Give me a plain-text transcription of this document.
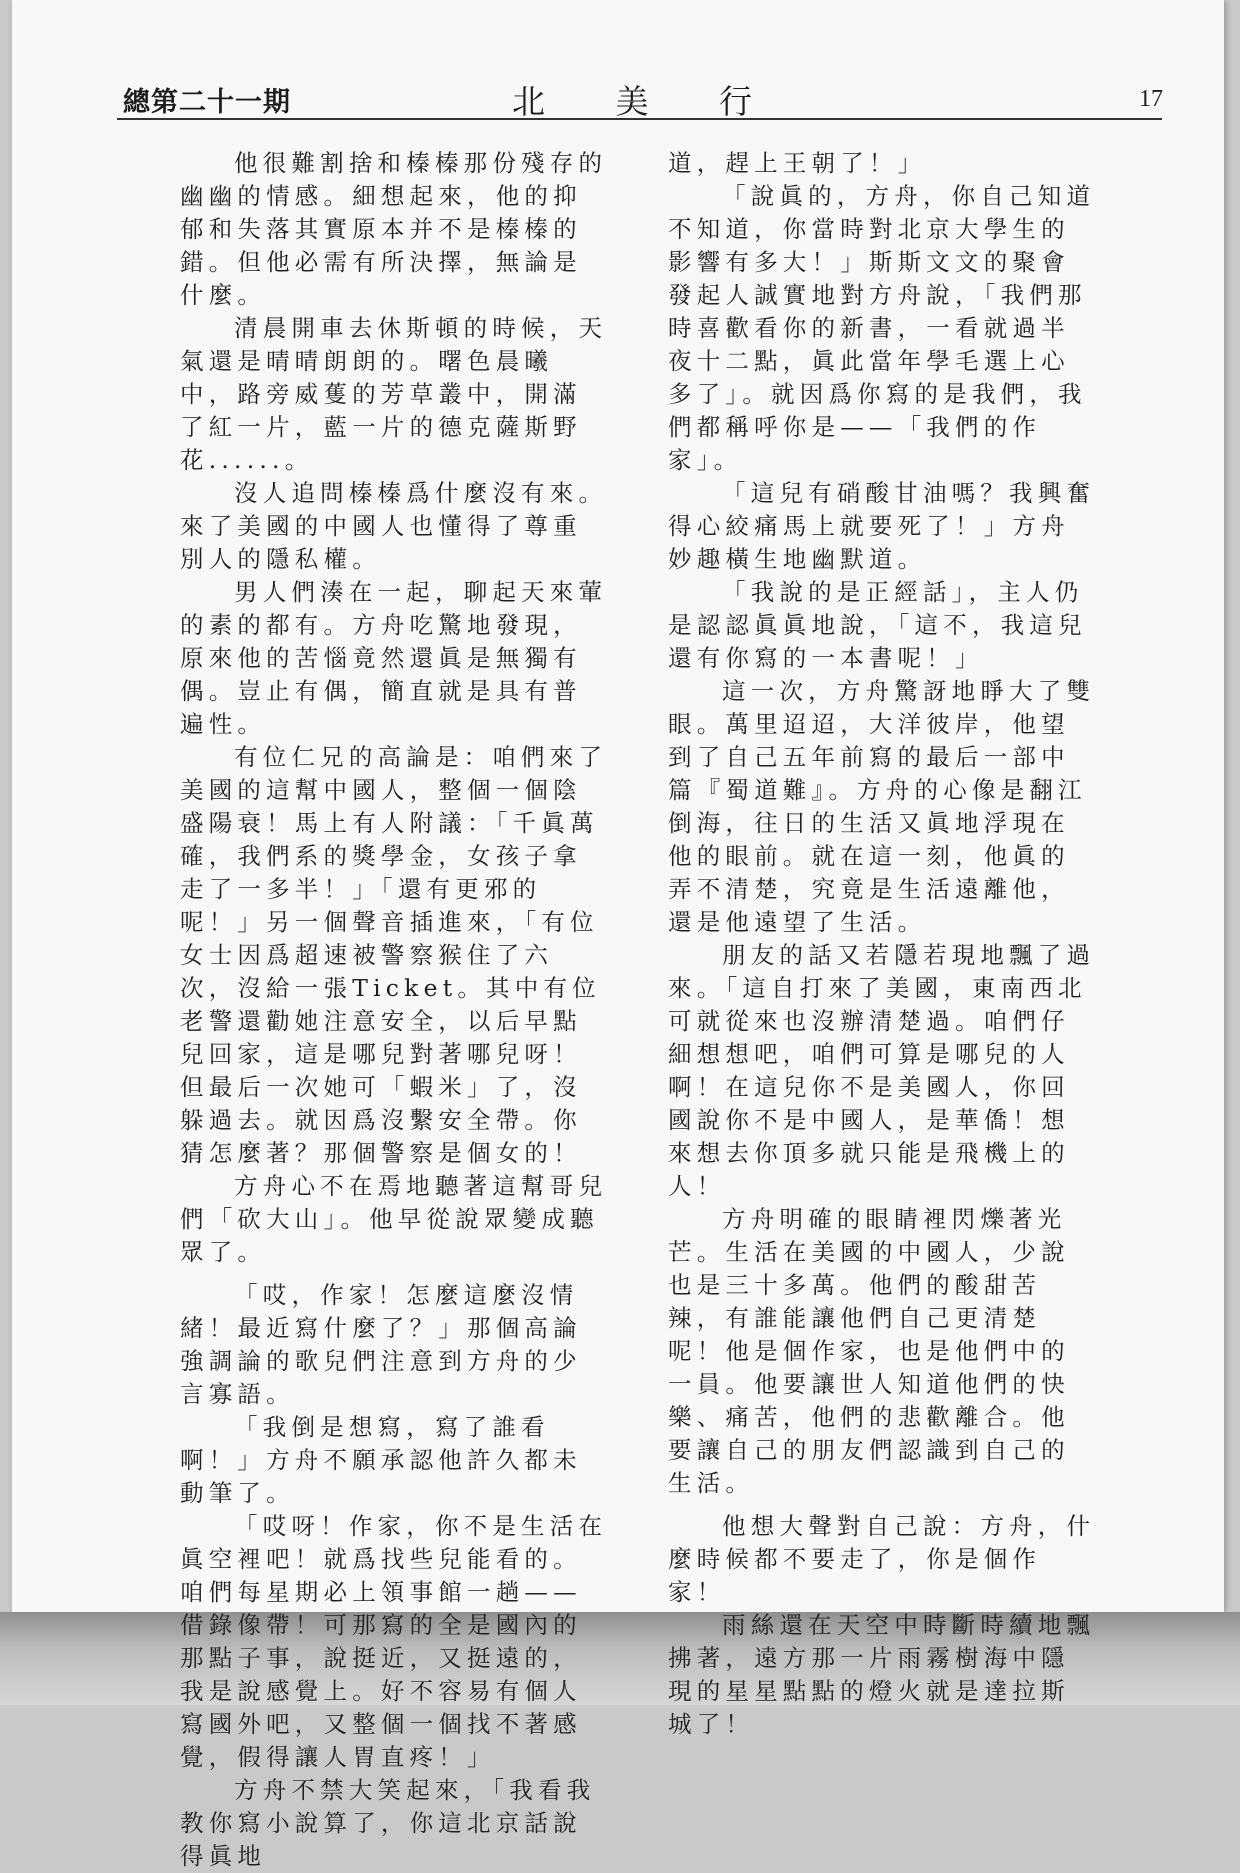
總第二十一期	北 美 行	17

他很難割捨和榛榛那份殘存的幽幽的情感。細想起來，他的抑郁和失落其實原本并不是榛榛的錯。但他必需有所決擇，無論是什麼。

清晨開車去休斯頓的時候，天氣還是晴晴朗朗的。曙色晨曦中，路旁威蒦的芳草叢中，開滿了紅一片，藍一片的德克薩斯野花......。

沒人追問榛榛爲什麼沒有來。來了美國的中國人也懂得了尊重別人的隱私權。

男人們湊在一起，聊起天來葷的素的都有。方舟吃驚地發現，原來他的苦惱竟然還眞是無獨有偶。豈止有偶，簡直就是具有普遍性。

有位仁兄的高論是：咱們來了美國的這幫中國人，整個一個陰盛陽衰！馬上有人附議：「千眞萬確，我們系的獎學金，女孩子拿走了一多半！」「還有更邪的呢！」另一個聲音插進來，「有位女士因爲超速被警察猴住了六次，沒給一張Ticket。其中有位老警還勸她注意安全，以后早點兒回家，這是哪兒對著哪兒呀！但最后一次她可「蝦米」了，沒躲過去。就因爲沒繫安全帶。你猜怎麼著？那個警察是個女的！

方舟心不在焉地聽著這幫哥兒們「砍大山」。他早從說眾變成聽眾了。

「哎，作家！怎麼這麼沒情緒！最近寫什麼了？」那個高論強調論的歌兒們注意到方舟的少言寡語。

「我倒是想寫，寫了誰看啊！」方舟不願承認他許久都未動筆了。

「哎呀！作家，你不是生活在眞空裡吧！就爲找些兒能看的。咱們每星期必上領事館一趟——借錄像帶！可那寫的全是國內的那點子事，說挺近，又挺遠的，我是說感覺上。好不容易有個人寫國外吧，又整個一個找不著感覺，假得讓人胃直疼！」

方舟不禁大笑起來，「我看我教你寫小說算了，你這北京話說得眞地

道，趕上王朝了！」

「說眞的，方舟，你自己知道不知道，你當時對北京大學生的影響有多大！」斯斯文文的聚會發起人誠實地對方舟說，「我們那時喜歡看你的新書，一看就過半夜十二點，眞此當年學毛選上心多了」。就因爲你寫的是我們，我們都稱呼你是——「我們的作家」。

「這兒有硝酸甘油嗎？我興奮得心絞痛馬上就要死了！」方舟妙趣橫生地幽默道。

「我說的是正經話」，主人仍是認認眞眞地說，「這不，我這兒還有你寫的一本書呢！」

這一次，方舟驚訝地睜大了雙眼。萬里迢迢，大洋彼岸，他望到了自己五年前寫的最后一部中篇『蜀道難』。方舟的心像是翻江倒海，往日的生活又眞地浮現在他的眼前。就在這一刻，他眞的弄不清楚，究竟是生活遠離他，還是他遠望了生活。

朋友的話又若隱若現地飄了過來。「這自打來了美國，東南西北可就從來也沒辦清楚過。咱們仔細想想吧，咱們可算是哪兒的人啊！在這兒你不是美國人，你回國說你不是中國人，是華僑！想來想去你頂多就只能是飛機上的人！

方舟明確的眼睛裡閃爍著光芒。生活在美國的中國人，少說也是三十多萬。他們的酸甜苦辣，有誰能讓他們自己更清楚呢！他是個作家，也是他們中的一員。他要讓世人知道他們的快樂、痛苦，他們的悲歡離合。他要讓自己的朋友們認識到自己的生活。

他想大聲對自己說：方舟，什麼時候都不要走了，你是個作家！

雨絲還在天空中時斷時續地飄拂著，遠方那一片雨霧樹海中隱現的星星點點的燈火就是達拉斯城了！
